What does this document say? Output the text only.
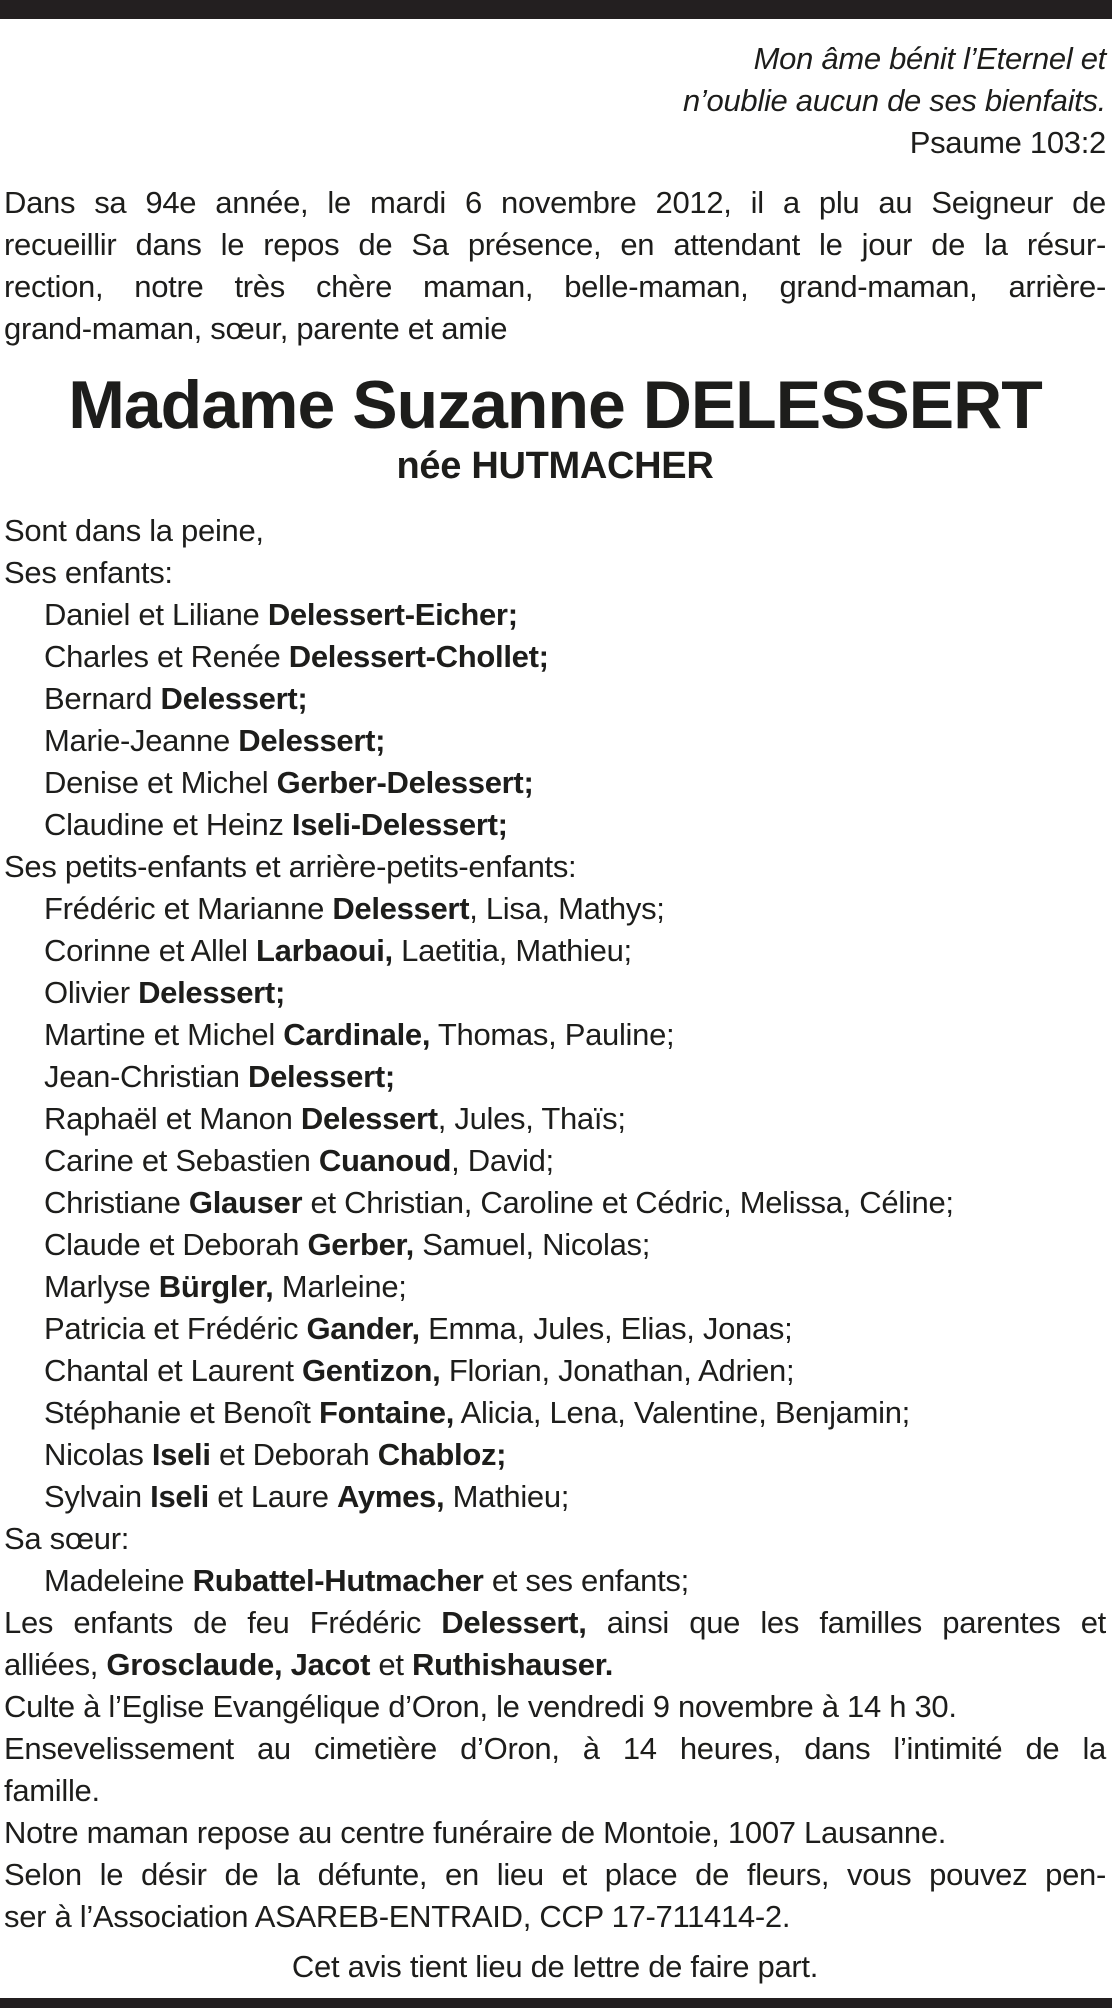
Mon âme bénit l’Eternel et
n’oublie aucun de ses bienfaits.
Psaume 103:2
Dans sa 94e année, le mardi 6 novembre 2012, il a plu au Seigneur de
recueillir dans le repos de Sa présence, en attendant le jour de la résur-
rection, notre très chère maman, belle-maman, grand-maman, arrière-
grand-maman, sœur, parente et amie
Madame Suzanne DELESSERT
née HUTMACHER
Sont dans la peine,
Ses enfants:
Daniel et Liliane Delessert-Eicher;
Charles et Renée Delessert-Chollet;
Bernard Delessert;
Marie-Jeanne Delessert;
Denise et Michel Gerber-Delessert;
Claudine et Heinz Iseli-Delessert;
Ses petits-enfants et arrière-petits-enfants:
Frédéric et Marianne Delessert, Lisa, Mathys;
Corinne et Allel Larbaoui, Laetitia, Mathieu;
Olivier Delessert;
Martine et Michel Cardinale, Thomas, Pauline;
Jean-Christian Delessert;
Raphaël et Manon Delessert, Jules, Thaïs;
Carine et Sebastien Cuanoud, David;
Christiane Glauser et Christian, Caroline et Cédric, Melissa, Céline;
Claude et Deborah Gerber, Samuel, Nicolas;
Marlyse Bürgler, Marleine;
Patricia et Frédéric Gander, Emma, Jules, Elias, Jonas;
Chantal et Laurent Gentizon, Florian, Jonathan, Adrien;
Stéphanie et Benoît Fontaine, Alicia, Lena, Valentine, Benjamin;
Nicolas Iseli et Deborah Chabloz;
Sylvain Iseli et Laure Aymes, Mathieu;
Sa sœur:
Madeleine Rubattel-Hutmacher et ses enfants;
Les enfants de feu Frédéric Delessert, ainsi que les familles parentes et
alliées, Grosclaude, Jacot et Ruthishauser.
Culte à l’Eglise Evangélique d’Oron, le vendredi 9 novembre à 14 h 30.
Ensevelissement au cimetière d’Oron, à 14 heures, dans l’intimité de la
famille.
Notre maman repose au centre funéraire de Montoie, 1007 Lausanne.
Selon le désir de la défunte, en lieu et place de fleurs, vous pouvez pen-
ser à l’Association ASAREB-ENTRAID, CCP 17-711414-2.
Cet avis tient lieu de lettre de faire part.
